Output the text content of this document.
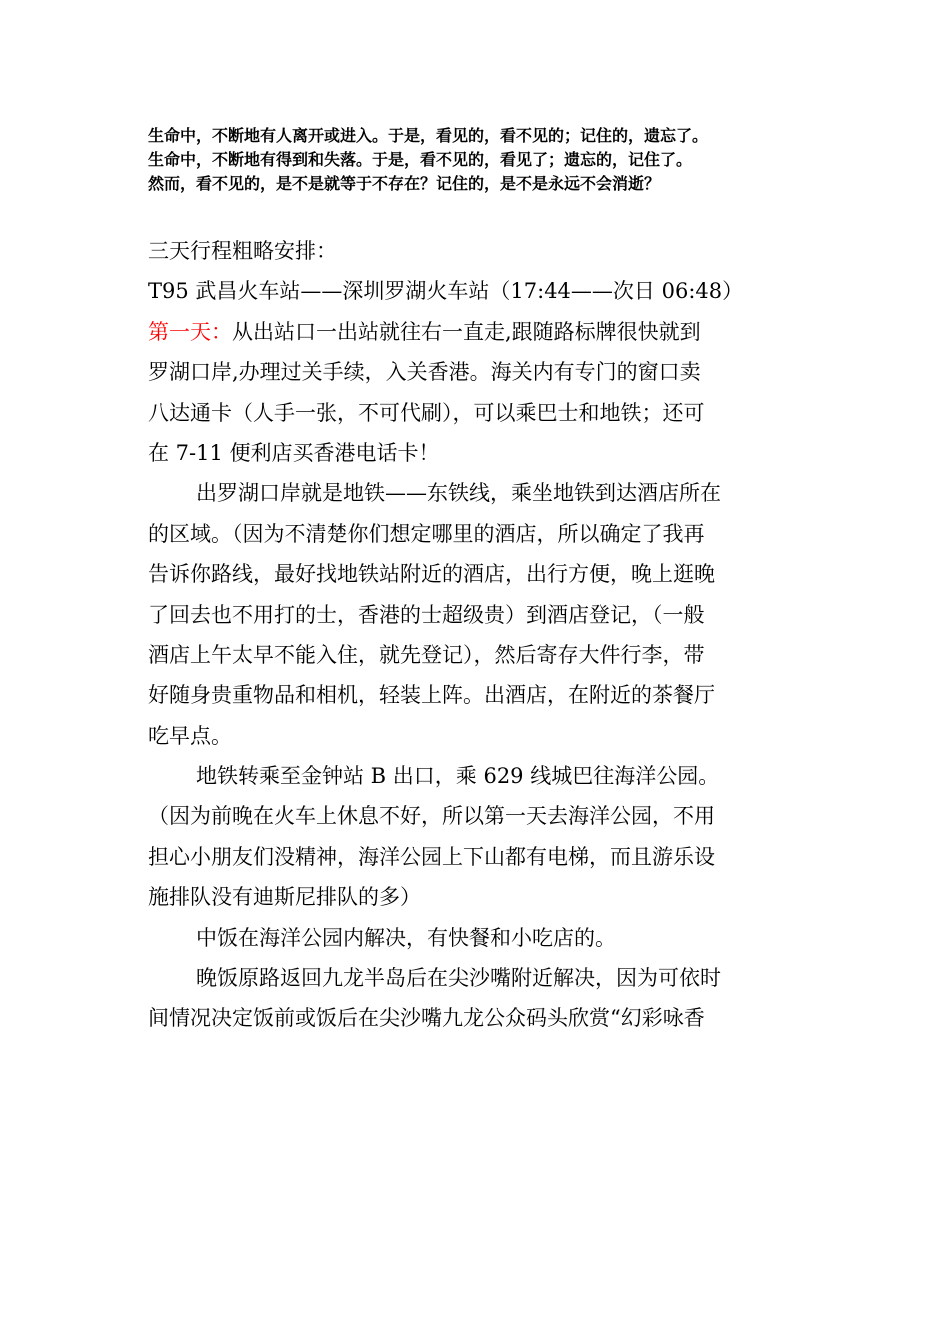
生命中，不断地有人离开或进入。于是，看见的，看不见的；记住的，遗忘了。
生命中，不断地有得到和失落。于是，看不见的，看见了；遗忘的，记住了。
然而，看不见的，是不是就等于不存在？记住的，是不是永远不会消逝？
三天行程粗略安排：
T95 武昌火车站——深圳罗湖火车站（17:44——次日 06:48）
第一天：从出站口一出站就往右一直走,跟随路标牌很快就到
罗湖口岸,办理过关手续，入关香港。海关内有专门的窗口卖
八达通卡（人手一张，不可代刷），可以乘巴士和地铁；还可
在 7-11 便利店买香港电话卡！
出罗湖口岸就是地铁——东铁线，乘坐地铁到达酒店所在
的区域。（因为不清楚你们想定哪里的酒店，所以确定了我再
告诉你路线，最好找地铁站附近的酒店，出行方便，晚上逛晚
了回去也不用打的士，香港的士超级贵）到酒店登记，（一般
酒店上午太早不能入住，就先登记），然后寄存大件行李，带
好随身贵重物品和相机，轻装上阵。出酒店，在附近的茶餐厅
吃早点。
地铁转乘至金钟站 B 出口，乘 629 线城巴往海洋公园。
（因为前晚在火车上休息不好，所以第一天去海洋公园，不用
担心小朋友们没精神，海洋公园上下山都有电梯，而且游乐设
施排队没有迪斯尼排队的多）
中饭在海洋公园内解决，有快餐和小吃店的。
晚饭原路返回九龙半岛后在尖沙嘴附近解决，因为可依时
间情况决定饭前或饭后在尖沙嘴九龙公众码头欣赏“幻彩咏香
